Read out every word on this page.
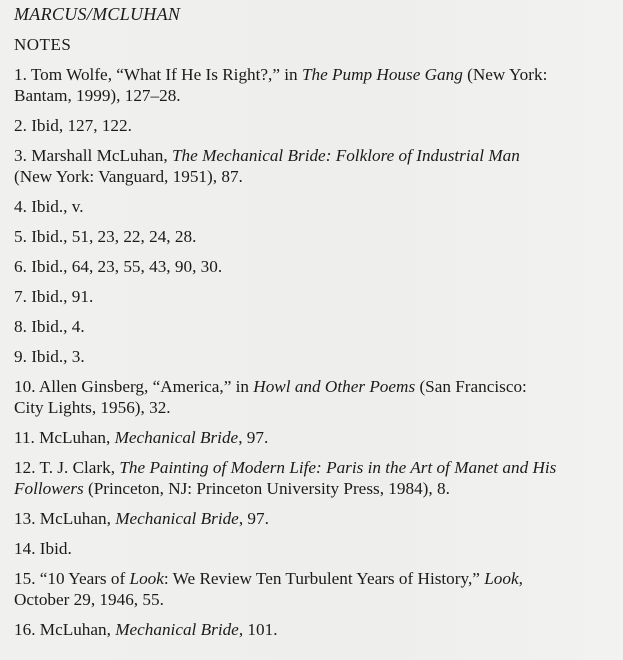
MARCUS/MCLUHAN
NOTES
1. Tom Wolfe, “What If He Is Right?,” in The Pump House Gang (New York:
Bantam, 1999), 127–28.
2. Ibid, 127, 122.
3. Marshall McLuhan, The Mechanical Bride: Folklore of Industrial Man
(New York: Vanguard, 1951), 87.
4. Ibid., v.
5. Ibid., 51, 23, 22, 24, 28.
6. Ibid., 64, 23, 55, 43, 90, 30.
7. Ibid., 91.
8. Ibid., 4.
9. Ibid., 3.
10. Allen Ginsberg, “America,” in Howl and Other Poems (San Francisco:
City Lights, 1956), 32.
11. McLuhan, Mechanical Bride, 97.
12. T. J. Clark, The Painting of Modern Life: Paris in the Art of Manet and His
Followers (Princeton, NJ: Princeton University Press, 1984), 8.
13. McLuhan, Mechanical Bride, 97.
14. Ibid.
15. “10 Years of Look: We Review Ten Turbulent Years of History,” Look,
October 29, 1946, 55.
16. McLuhan, Mechanical Bride, 101.
